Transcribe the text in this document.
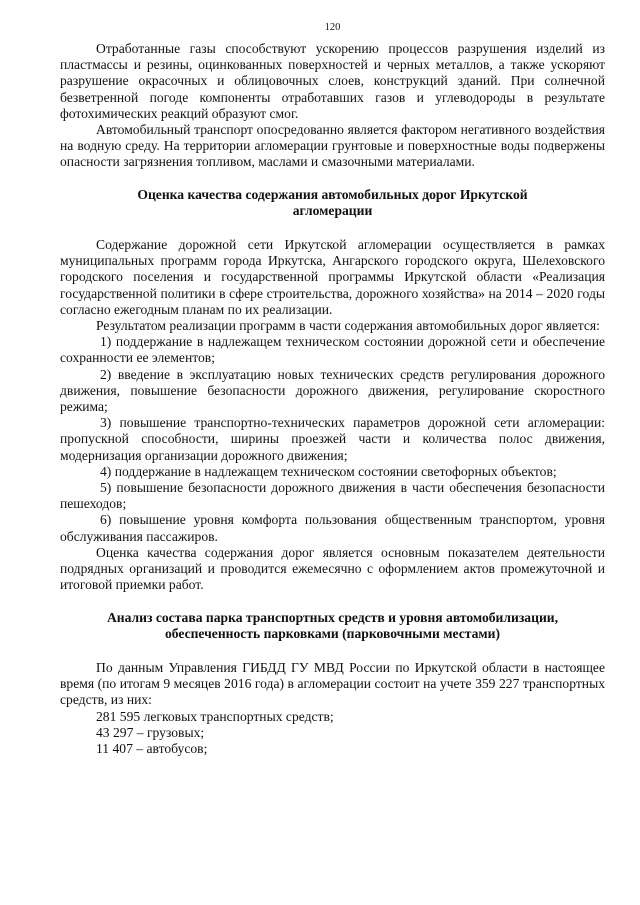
120

Отработанные газы способствуют ускорению процессов разрушения изделий из пластмассы и резины, оцинкованных поверхностей и черных металлов, а также ускоряют разрушение окрасочных и облицовочных слоев, конструкций зданий. При солнечной безветренной погоде компоненты отработавших газов и углеводороды в результате фотохимических реакций образуют смог.

Автомобильный транспорт опосредованно является фактором негативного воздействия на водную среду. На территории агломерации грунтовые и поверхностные воды подвержены опасности загрязнения топливом, маслами и смазочными материалами.

Оценка качества содержания автомобильных дорог Иркутской
агломерации

Содержание дорожной сети Иркутской агломерации осуществляется в рамках муниципальных программ города Иркутска, Ангарского городского округа, Шелеховского городского поселения и государственной программы Иркутской области «Реализация государственной политики в сфере строительства, дорожного хозяйства» на 2014 – 2020 годы согласно ежегодным планам по их реализации.

Результатом реализации программ в части содержания автомобильных дорог является:

1) поддержание в надлежащем техническом состоянии дорожной сети и обеспечение сохранности ее элементов;

2) введение в эксплуатацию новых технических средств регулирования дорожного движения, повышение безопасности дорожного движения, регулирование скоростного режима;

3) повышение транспортно-технических параметров дорожной сети агломерации: пропускной способности, ширины проезжей части и количества полос движения, модернизация организации дорожного движения;

4) поддержание в надлежащем техническом состоянии светофорных объектов;

5) повышение безопасности дорожного движения в части обеспечения безопасности пешеходов;

6) повышение уровня комфорта пользования общественным транспортом, уровня обслуживания пассажиров.

Оценка качества содержания дорог является основным показателем деятельности подрядных организаций и проводится ежемесячно с оформлением актов промежуточной и итоговой приемки работ.

Анализ состава парка транспортных средств и уровня автомобилизации,
обеспеченность парковками (парковочными местами)

По данным Управления ГИБДД ГУ МВД России по Иркутской области в настоящее время (по итогам 9 месяцев 2016 года) в агломерации состоит на учете 359 227 транспортных средств, из них:

281 595 легковых транспортных средств;

43 297 – грузовых;

11 407 – автобусов;
